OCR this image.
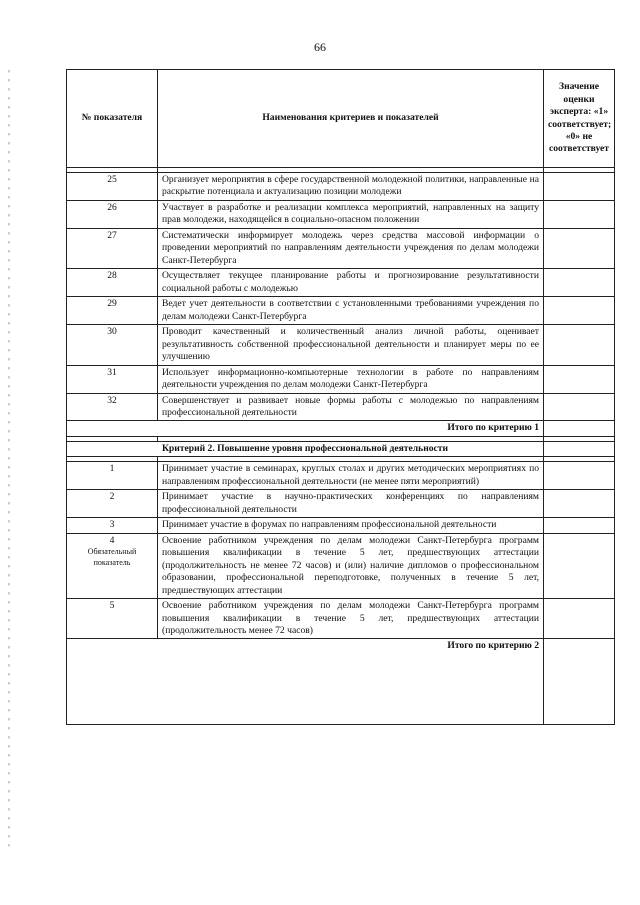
66
№ показателя	Наименования критериев и показателей	Значение оценки эксперта: «1» соответствует; «0» не соответствует

25	Организует мероприятия в сфере государственной молодежной политики, направленные на раскрытие потенциала и актуализацию позиции молодежи	
26	Участвует в разработке и реализации комплекса мероприятий, направленных на защиту прав молодежи, находящейся в социально-опасном положении	
27	Систематически информирует молодежь через средства массовой информации о проведении мероприятий по направлениям деятельности учреждения по делам молодежи Санкт-Петербурга	
28	Осуществляет текущее планирование работы и прогнозирование результативности социальной работы с молодежью	
29	Ведет учет деятельности в соответствии с установленными требованиями учреждения по делам молодежи Санкт-Петербурга	
30	Проводит качественный и количественный анализ личной работы, оценивает результативность собственной профессиональной деятельности и планирует меры по ее улучшению	
31	Использует информационно-компьютерные технологии в работе по направлениям деятельности учреждения по делам молодежи Санкт-Петербурга	
32	Совершенствует и развивает новые формы работы с молодежью по направлениям профессиональной деятельности	
Итого по критерию 1		

Критерий 2. Повышение уровня профессиональной деятельности		

1	Принимает участие в семинарах, круглых столах и других методических мероприятиях по направлениям профессиональной деятельности (не менее пяти мероприятий)	
2	Принимает участие в научно-практических конференциях по направлениям профессиональной деятельности	
3	Принимает участие в форумах по направлениям профессиональной деятельности	
4
Обязательный показатель	Освоение работником учреждения по делам молодежи Санкт-Петербурга программ повышения квалификации в течение 5 лет, предшествующих аттестации (продолжительность не менее 72 часов) и (или) наличие дипломов о профессиональном образовании, профессиональной переподготовке, полученных в течение 5 лет, предшествующих аттестации	
5	Освоение работником учреждения по делам молодежи Санкт-Петербурга программ повышения квалификации в течение 5 лет, предшествующих аттестации (продолжительность менее 72 часов)	
Итого по критерию 2		
